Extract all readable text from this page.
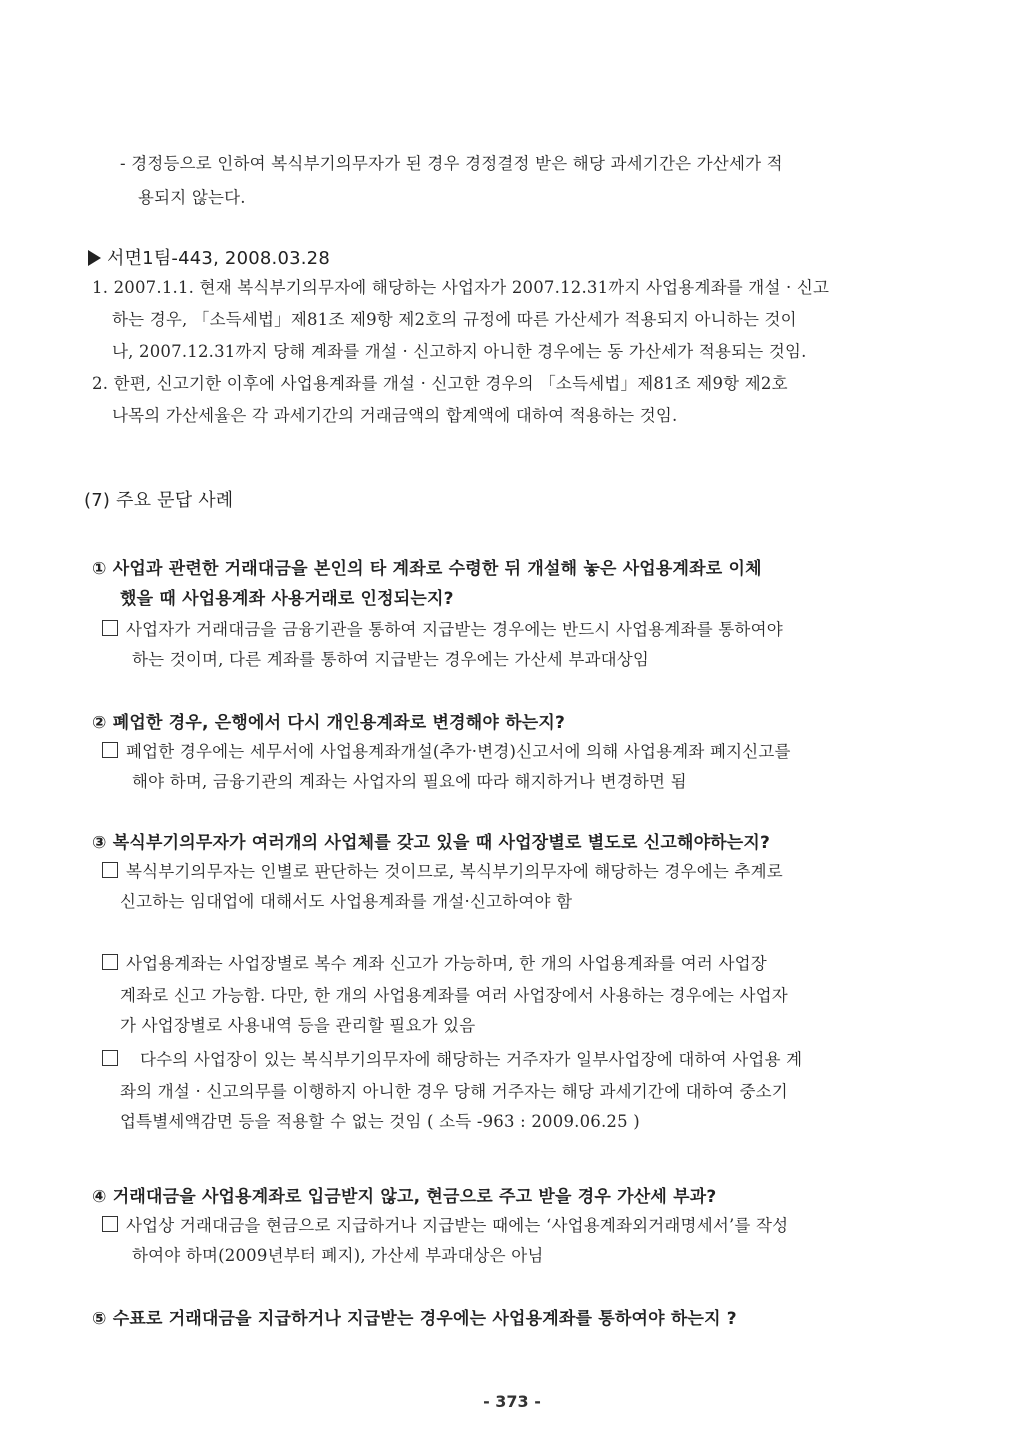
- 경정등으로 인하여 복식부기의무자가 된 경우 경정결정 받은 해당 과세기간은 가산세가 적
용되지 않는다.
서면1팀-443, 2008.03.28
1. 2007.1.1. 현재 복식부기의무자에 해당하는 사업자가 2007.12.31까지 사업용계좌를 개설 · 신고
하는 경우, 「소득세법」제81조 제9항 제2호의 규정에 따른 가산세가 적용되지 아니하는 것이
나, 2007.12.31까지 당해 계좌를 개설 · 신고하지 아니한 경우에는 동 가산세가 적용되는 것임.
2. 한편, 신고기한 이후에 사업용계좌를 개설 · 신고한 경우의 「소득세법」제81조 제9항 제2호
나목의 가산세율은 각 과세기간의 거래금액의 합계액에 대하여 적용하는 것임.
(7) 주요 문답 사례
① 사업과 관련한 거래대금을 본인의 타 계좌로 수령한 뒤 개설해 놓은 사업용계좌로 이체
했을 때 사업용계좌 사용거래로 인정되는지?
사업자가 거래대금을 금융기관을 통하여 지급받는 경우에는 반드시 사업용계좌를 통하여야
하는 것이며, 다른 계좌를 통하여 지급받는 경우에는 가산세 부과대상임
② 폐업한 경우, 은행에서 다시 개인용계좌로 변경해야 하는지?
폐업한 경우에는 세무서에 사업용계좌개설(추가·변경)신고서에 의해 사업용계좌 폐지신고를
해야 하며, 금융기관의 계좌는 사업자의 필요에 따라 해지하거나 변경하면 됨
③ 복식부기의무자가 여러개의 사업체를 갖고 있을 때 사업장별로 별도로 신고해야하는지?
복식부기의무자는 인별로 판단하는 것이므로, 복식부기의무자에 해당하는 경우에는 추계로
신고하는 임대업에 대해서도 사업용계좌를 개설·신고하여야 함
사업용계좌는 사업장별로 복수 계좌 신고가 가능하며, 한 개의 사업용계좌를 여러 사업장
계좌로 신고 가능함. 다만, 한 개의 사업용계좌를 여러 사업장에서 사용하는 경우에는 사업자
가 사업장별로 사용내역 등을 관리할 필요가 있음
다수의 사업장이 있는 복식부기의무자에 해당하는 거주자가 일부사업장에 대하여 사업용 계
좌의 개설 · 신고의무를 이행하지 아니한 경우 당해 거주자는 해당 과세기간에 대하여 중소기
업특별세액감면 등을 적용할 수 없는 것임 ( 소득 -963 : 2009.06.25 )
④ 거래대금을 사업용계좌로 입금받지 않고, 현금으로 주고 받을 경우 가산세 부과?
사업상 거래대금을 현금으로 지급하거나 지급받는 때에는 ‘사업용계좌외거래명세서’를 작성
하여야 하며(2009년부터 폐지), 가산세 부과대상은 아님
⑤ 수표로 거래대금을 지급하거나 지급받는 경우에는 사업용계좌를 통하여야 하는지 ?
- 373 -
